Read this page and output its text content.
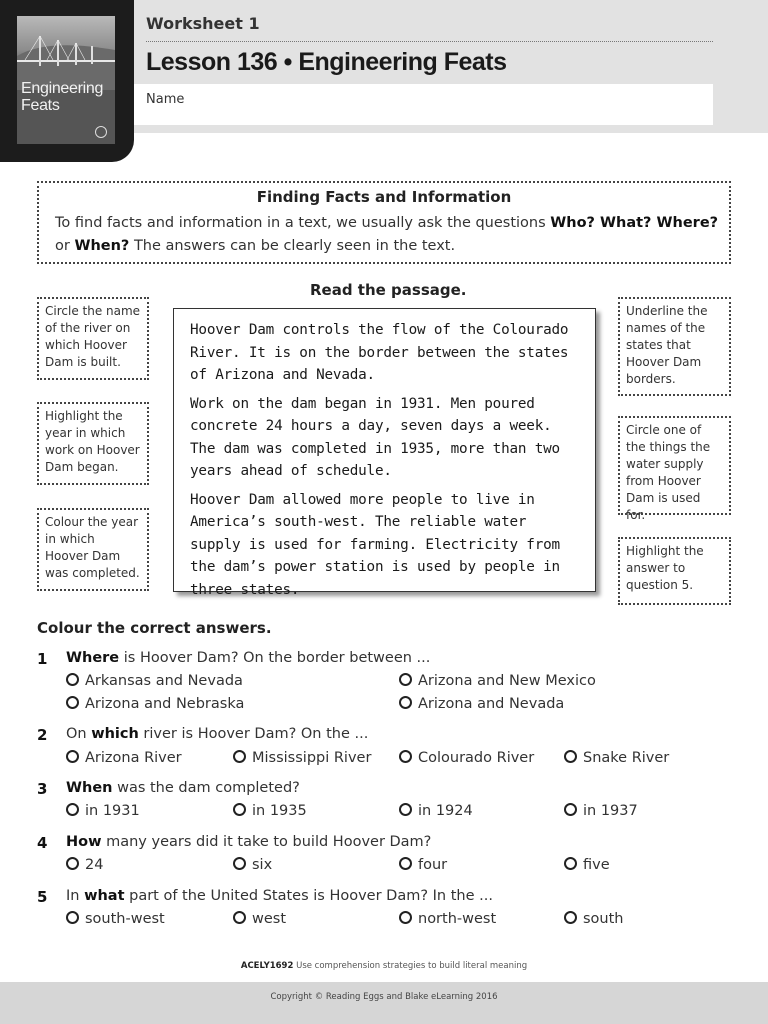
Engineering
Feats
Worksheet 1
Lesson 136 • Engineering Feats
Name
Finding Facts and Information
To find facts and information in a text, we usually ask the questions Who? What? Where?
or When? The answers can be clearly seen in the text.
Read the passage.
Circle the name of the river on which Hoover Dam is built.
Highlight the year in which work on Hoover Dam began.
Colour the year in which Hoover Dam was completed.
Underline the names of the states that Hoover Dam borders.
Circle one of the things the water supply from Hoover Dam is used for.
Highlight the answer to question 5.

Hoover Dam controls the flow of the Colourado River. It is on the border between the states of Arizona and Nevada.

Work on the dam began in 1931. Men poured concrete 24 hours a day, seven days a week. The dam was completed in 1935, more than two years ahead of schedule.

Hoover Dam allowed more people to live in America’s south-west. The reliable water supply is used for farming. Electricity from the dam’s power station is used by people in three states.

Colour the correct answers.
1 Where is Hoover Dam? On the border between ...
Arkansas and Nevada	Arizona and New Mexico
Arizona and Nebraska	Arizona and Nevada
2 On which river is Hoover Dam? On the ...
Arizona River	Mississippi River	Colourado River	Snake River
3 When was the dam completed?
in 1931	in 1935	in 1924	in 1937
4 How many years did it take to build Hoover Dam?
24	six	four	five
5 In what part of the United States is Hoover Dam? In the ...
south-west	west	north-west	south
ACELY1692 Use comprehension strategies to build literal meaning
Copyright © Reading Eggs and Blake eLearning 2016
